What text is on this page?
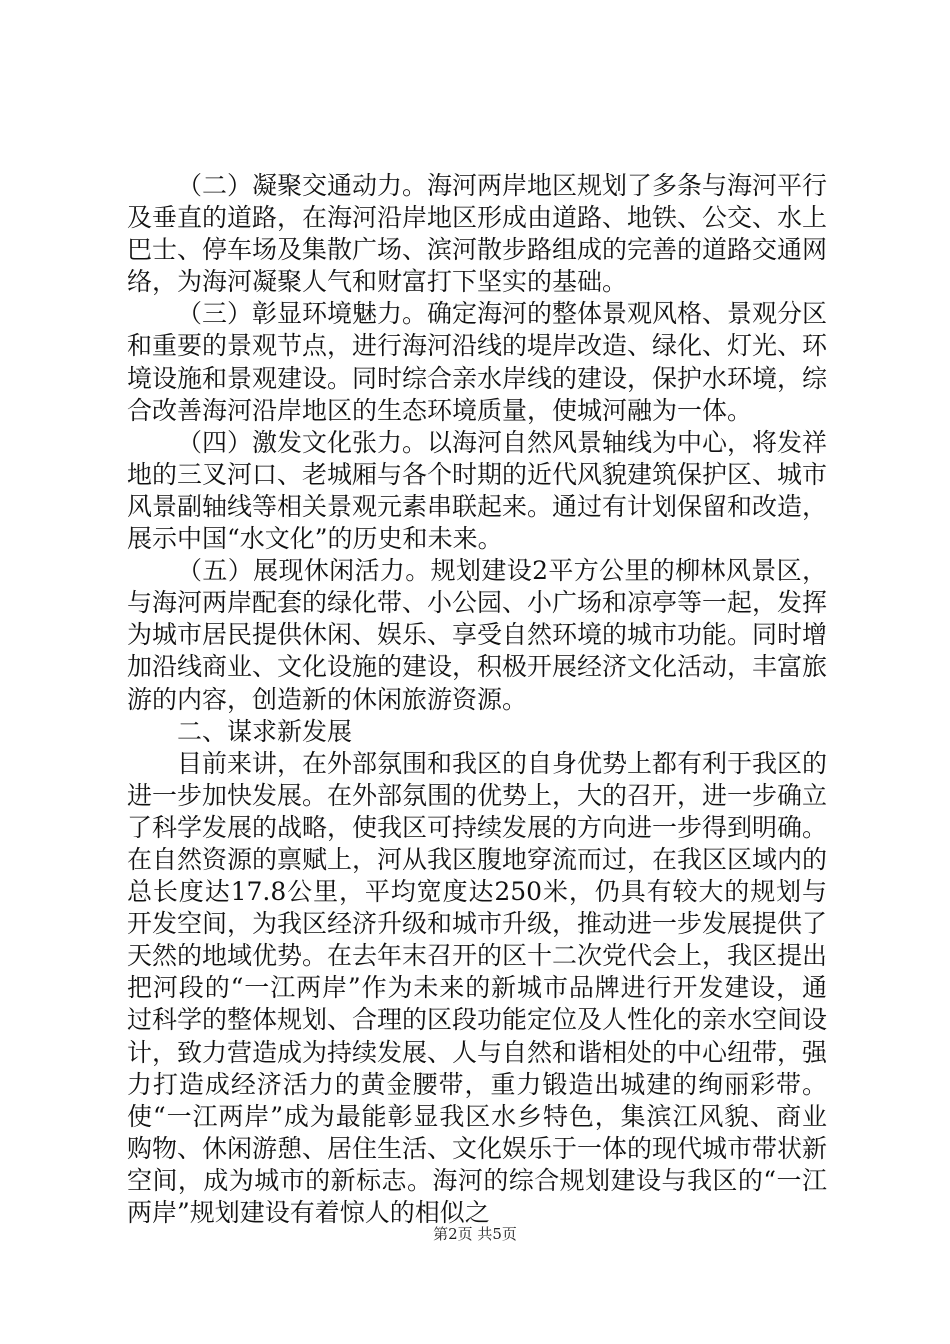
（二）凝聚交通动力。海河两岸地区规划了多条与海河平行及垂直的道路，在海河沿岸地区形成由道路、地铁、公交、水上巴士、停车场及集散广场、滨河散步路组成的完善的道路交通网络，为海河凝聚人气和财富打下坚实的基础。

（三）彰显环境魅力。确定海河的整体景观风格、景观分区和重要的景观节点，进行海河沿线的堤岸改造、绿化、灯光、环境设施和景观建设。同时综合亲水岸线的建设，保护水环境，综合改善海河沿岸地区的生态环境质量，使城河融为一体。

（四）激发文化张力。以海河自然风景轴线为中心，将发祥地的三叉河口、老城厢与各个时期的近代风貌建筑保护区、城市风景副轴线等相关景观元素串联起来。通过有计划保留和改造，展示中国“水文化”的历史和未来。

（五）展现休闲活力。规划建设2平方公里的柳林风景区，与海河两岸配套的绿化带、小公园、小广场和凉亭等一起，发挥为城市居民提供休闲、娱乐、享受自然环境的城市功能。同时增加沿线商业、文化设施的建设，积极开展经济文化活动，丰富旅游的内容，创造新的休闲旅游资源。

二、谋求新发展

目前来讲，在外部氛围和我区的自身优势上都有利于我区的进一步加快发展。在外部氛围的优势上，大的召开，进一步确立了科学发展的战略，使我区可持续发展的方向进一步得到明确。在自然资源的禀赋上，河从我区腹地穿流而过，在我区区域内的总长度达17.8公里，平均宽度达250米，仍具有较大的规划与开发空间，为我区经济升级和城市升级，推动进一步发展提供了天然的地域优势。在去年末召开的区十二次党代会上，我区提出把河段的“一江两岸”作为未来的新城市品牌进行开发建设，通过科学的整体规划、合理的区段功能定位及人性化的亲水空间设计，致力营造成为持续发展、人与自然和谐相处的中心纽带，强力打造成经济活力的黄金腰带，重力锻造出城建的绚丽彩带。使“一江两岸”成为最能彰显我区水乡特色，集滨江风貌、商业购物、休闲游憩、居住生活、文化娱乐于一体的现代城市带状新空间，成为城市的新标志。海河的综合规划建设与我区的“一江两岸”规划建设有着惊人的相似之

第2页 共5页
